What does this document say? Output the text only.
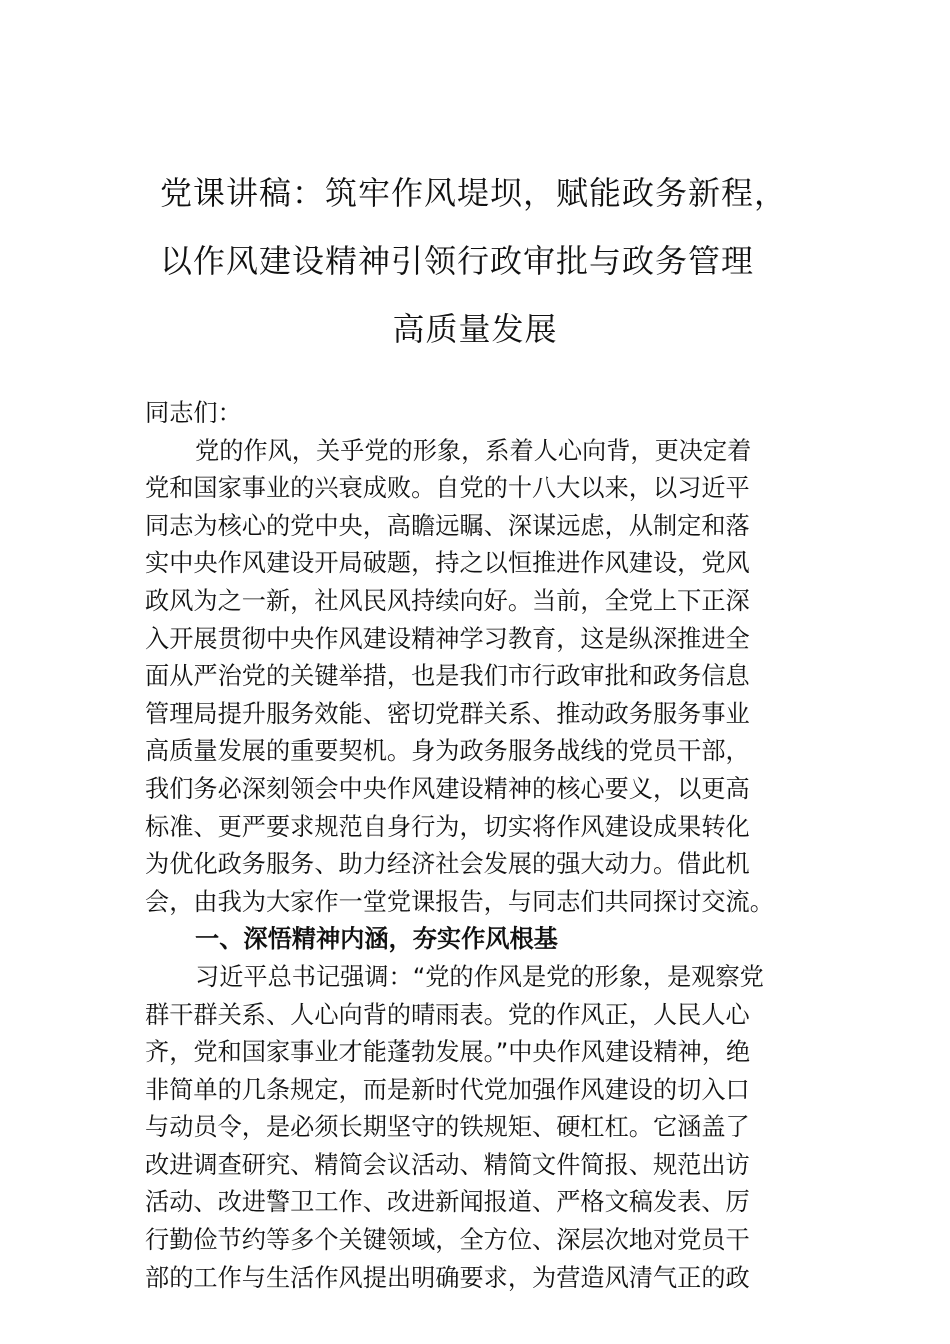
党课讲稿：筑牢作风堤坝，赋能政务新程，
以作风建设精神引领行政审批与政务管理
高质量发展
同志们：
党的作风，关乎党的形象，系着人心向背，更决定着
党和国家事业的兴衰成败。自党的十八大以来，以习近平
同志为核心的党中央，高瞻远瞩、深谋远虑，从制定和落
实中央作风建设开局破题，持之以恒推进作风建设，党风
政风为之一新，社风民风持续向好。当前，全党上下正深
入开展贯彻中央作风建设精神学习教育，这是纵深推进全
面从严治党的关键举措，也是我们市行政审批和政务信息
管理局提升服务效能、密切党群关系、推动政务服务事业
高质量发展的重要契机。身为政务服务战线的党员干部，
我们务必深刻领会中央作风建设精神的核心要义，以更高
标准、更严要求规范自身行为，切实将作风建设成果转化
为优化政务服务、助力经济社会发展的强大动力。借此机
会，由我为大家作一堂党课报告，与同志们共同探讨交流。
一、深悟精神内涵，夯实作风根基
习近平总书记强调：“党的作风是党的形象，是观察党
群干群关系、人心向背的晴雨表。党的作风正，人民人心
齐，党和国家事业才能蓬勃发展。”中央作风建设精神，绝
非简单的几条规定，而是新时代党加强作风建设的切入口
与动员令，是必须长期坚守的铁规矩、硬杠杠。它涵盖了
改进调查研究、精简会议活动、精简文件简报、规范出访
活动、改进警卫工作、改进新闻报道、严格文稿发表、厉
行勤俭节约等多个关键领域，全方位、深层次地对党员干
部的工作与生活作风提出明确要求，为营造风清气正的政
